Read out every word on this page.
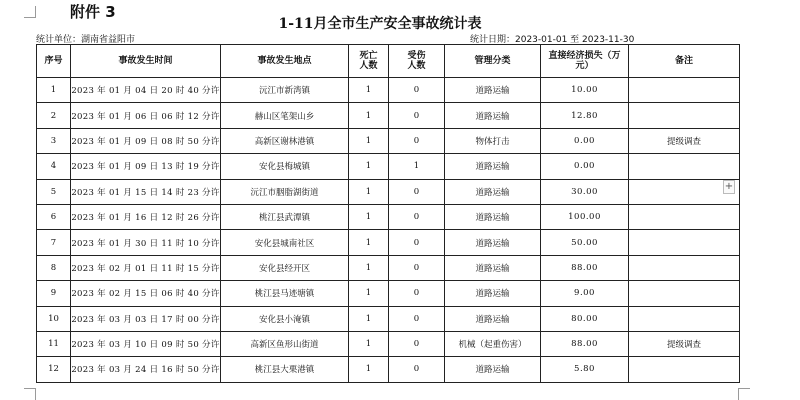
附件 3
1-11月全市生产安全事故统计表
统计单位：湖南省益阳市	统计日期：2023-01-01 至 2023-11-30
序号	事故发生时间	事故发生地点	死亡人数	受伤人数	管理分类	直接经济损失（万元）	备注
1	2023 年 01 月 04 日 20 时 40 分许	沅江市新湾镇	1	0	道路运输	10.00	
2	2023 年 01 月 06 日 06 时 12 分许	赫山区笔架山乡	1	0	道路运输	12.80	
3	2023 年 01 月 09 日 08 时 50 分许	高新区谢林港镇	1	0	物体打击	0.00	提级调查
4	2023 年 01 月 09 日 13 时 19 分许	安化县梅城镇	1	1	道路运输	0.00	
5	2023 年 01 月 15 日 14 时 23 分许	沅江市胭脂湖街道	1	0	道路运输	30.00	
6	2023 年 01 月 16 日 12 时 26 分许	桃江县武潭镇	1	0	道路运输	100.00	
7	2023 年 01 月 30 日 11 时 10 分许	安化县城南社区	1	0	道路运输	50.00	
8	2023 年 02 月 01 日 11 时 15 分许	安化县经开区	1	0	道路运输	88.00	
9	2023 年 02 月 15 日 06 时 40 分许	桃江县马迹塘镇	1	0	道路运输	9.00	
10	2023 年 03 月 03 日 17 时 00 分许	安化县小淹镇	1	0	道路运输	80.00	
11	2023 年 03 月 10 日 09 时 50 分许	高新区鱼形山街道	1	0	机械（起重伤害）	88.00	提级调查
12	2023 年 03 月 24 日 16 时 50 分许	桃江县大栗港镇	1	0	道路运输	5.80	
+
